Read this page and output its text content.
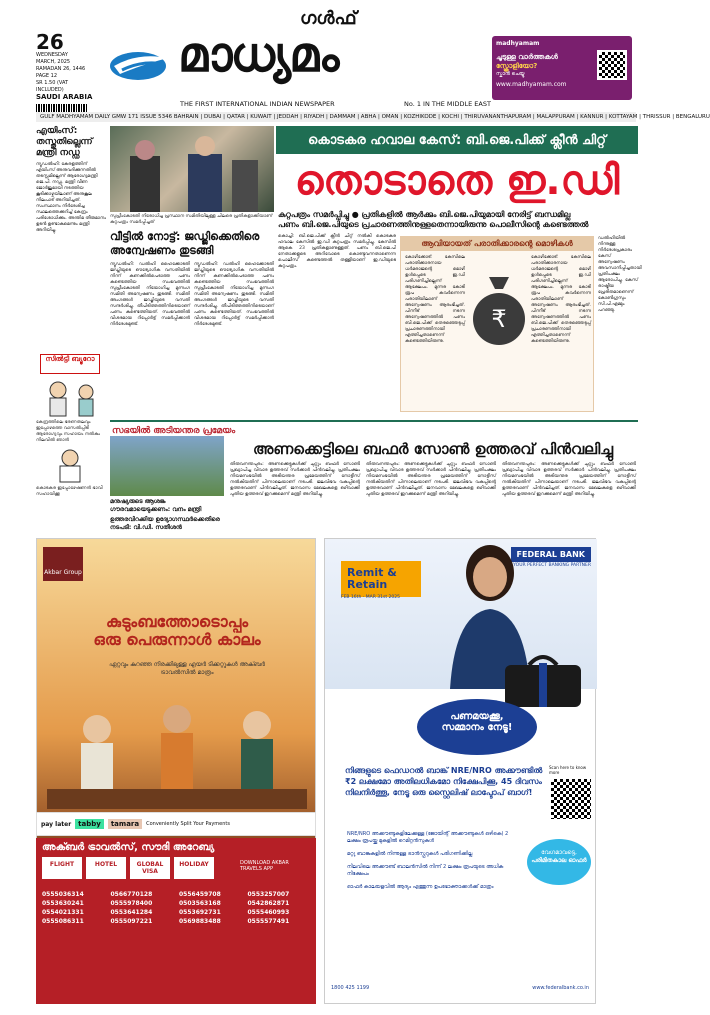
26
WEDNESDAY
MARCH, 2025
RAMADAN 26, 1446
PAGE 12
SR 1.50 (VAT INCLUDED)
SAUDI ARABIA
ഗൾഫ്
മാധ്യമം
THE FIRST INTERNATIONAL INDIAN NEWSPAPER	No. 1 IN THE MIDDLE EAST
madhyamam
ചൂടുള്ള വാർത്തകൾ
സ്ക്രോളിയോ?
സ്കാൻ ചെയ്യൂ
www.madhyamam.com
GULF MADHYAMAM DAILY GMW 171 ISSUE 5346 BAHRAIN | DUBAI | QATAR | KUWAIT | JEDDAH | RIYADH | DAMMAM | ABHA | OMAN | KOZHIKODE | KOCHI | THIRUVANANTHAPURAM | MALAPPURAM | KANNUR | KOTTAYAM | THRISSUR | BENGALURU
എയിംസ്:
തസ്തുതില്ലെന്ന്
മന്ത്രി നഡ്ഡ

ന്യൂഡൽഹി: കേരളത്തിന് എയിംസ് അനുവദിക്കുന്നതിൽ തടസ്സമില്ലെന്ന് ആരോഗ്യമന്ത്രി ജെ.പി. നഡ്ഡ. മന്ത്രി വീണ ജോർജുമായി നടത്തിയ കൂടിക്കാഴ്ചയിലാണ് അനുകൂല നിലപാട് അറിയിച്ചത്. സംസ്ഥാനം നിർദേശിച്ച സ്ഥലത്തെക്കുറിച്ച് കേന്ദ്രം പരിശോധിക്കും. അന്തിമ തീരുമാനം ഉടൻ ഉണ്ടാകുമെന്നും മന്ത്രി അറിയിച്ചു.

സിൽട്ടി ബ്യൂറോ
കേന്ദ്രത്തിലെ ഭരണതലവും ഇപ്പോഴത്തെ വാസൽപ്പിടി ആരോഗ്യവും സഹായം നൽകും നിലവിൽ ഞാൻ
കൊടകര ഇപ്പോഴേഷണൻ ഭാവി സഹായിക്കൂ
സുപ്രീംകോടതി നിരോധിച്ച പ്രസ്ഥാന സമിതിയിലുള്ള ചിലരെ പ്രതികളാക്കിയാണ് കുറ്റപത്രം സമർപ്പിച്ചത്
വീട്ടിൽ നോട്ട്: ജഡ്ജിക്കെതിരെ
അന്വേഷണം തുടങ്ങി
ന്യൂഡൽഹി: ഡൽഹി ഹൈക്കോടതി ജഡ്ജിയുടെ ഔദ്യോഗിക വസതിയിൽ നിന്ന് കണക്കിൽപെടാത്ത പണം കണ്ടെത്തിയ സംഭവത്തിൽ സുപ്രീംകോടതി നിയോഗിച്ച മൂന്നംഗ സമിതി അന്വേഷണം തുടങ്ങി. സമിതി അംഗങ്ങൾ ജഡ്ജിയുടെ വസതി സന്ദർശിച്ചു. തീപിടിത്തത്തിനിടെയാണ് പണം കണ്ടെത്തിയത്. സംഭവത്തിൽ വിശദമായ റിപ്പോർട്ട് സമർപ്പിക്കാൻ നിർദേശമുണ്ട്.
ന്യൂഡൽഹി: ഡൽഹി ഹൈക്കോടതി ജഡ്ജിയുടെ ഔദ്യോഗിക വസതിയിൽ നിന്ന് കണക്കിൽപെടാത്ത പണം കണ്ടെത്തിയ സംഭവത്തിൽ സുപ്രീംകോടതി നിയോഗിച്ച മൂന്നംഗ സമിതി അന്വേഷണം തുടങ്ങി. സമിതി അംഗങ്ങൾ ജഡ്ജിയുടെ വസതി സന്ദർശിച്ചു. തീപിടിത്തത്തിനിടെയാണ് പണം കണ്ടെത്തിയത്. സംഭവത്തിൽ വിശദമായ റിപ്പോർട്ട് സമർപ്പിക്കാൻ നിർദേശമുണ്ട്.
കൊടകര ഹവാല കേസ്: ബി.ജെ.പിക്ക് ക്ലീൻ ചിറ്റ്
തൊടാതെ ഇ.ഡി
കുറ്റപത്രം സമർപ്പിച്ചു ● പ്രതികളിൽ ആർക്കും ബി.ജെ.പിയുമായി നേരിട്ട് ബന്ധമില്ല
പണം ബി.ജെ.പിയുടെ പ്രചാരണത്തിനുള്ളതെന്നായിരുന്നു പൊലീസിന്റെ കണ്ടെത്തൽ
കൊച്ചി: ബി.ജെ.പിക്ക് ക്ലീൻ ചിറ്റ് നൽകി കൊടകര ഹവാല കേസിൽ ഇ.ഡി കുറ്റപത്രം സമർപ്പിച്ചു. കേസിൽ ആകെ 23 പ്രതികളാണുള്ളത്. പണം ബി.ജെ.പി നേതാക്കളുടെ അറിവോടെ കൊണ്ടുവന്നതാണെന്ന പൊലീസ് കണ്ടെത്തൽ തള്ളിയാണ് ഇ.ഡിയുടെ കുറ്റപത്രം.
ആവിയായത് പരാതിക്കാരന്റെ മൊഴികൾ
കോഴിക്കോട്: കേസിലെ പരാതിക്കാരനായ ധർമരാജന്റെ മൊഴി ഉൾപ്പെടെ ഇ.ഡി പരിഗണിച്ചില്ലെന്ന് ആക്ഷേപം. മൂന്നര കോടി രൂപ കവർന്നെന്ന പരാതിയിലാണ് അന്വേഷണം ആരംഭിച്ചത്. പിന്നീട് നടന്ന അന്വേഷണത്തിൽ പണം ബി.ജെ.പിക്ക് തെരഞ്ഞെടുപ്പ് പ്രചാരണത്തിനായി എത്തിച്ചതാണെന്ന് കണ്ടെത്തിയിരുന്നു.
₹
കോഴിക്കോട്: കേസിലെ പരാതിക്കാരനായ ധർമരാജന്റെ മൊഴി ഉൾപ്പെടെ ഇ.ഡി പരിഗണിച്ചില്ലെന്ന് ആക്ഷേപം. മൂന്നര കോടി രൂപ കവർന്നെന്ന പരാതിയിലാണ് അന്വേഷണം ആരംഭിച്ചത്. പിന്നീട് നടന്ന അന്വേഷണത്തിൽ പണം ബി.ജെ.പിക്ക് തെരഞ്ഞെടുപ്പ് പ്രചാരണത്തിനായി എത്തിച്ചതാണെന്ന് കണ്ടെത്തിയിരുന്നു.
ഡൽഹിയിൽ നിന്നുള്ള നിർദേശപ്രകാരം കേസ് അന്വേഷണം അവസാനിപ്പിച്ചതായി പ്രതിപക്ഷം ആരോപിച്ചു. കേസ് രാഷ്ട്രീയ പ്രേരിതമാണെന്ന് കോൺഗ്രസും സി.പി.എമ്മും പറഞ്ഞു.
സഭയിൽ അടിയന്തര പ്രമേയം
അണക്കെട്ടിലെ ബഫർ സോൺ ഉത്തരവ് പിൻവലിച്ചു
മനുഷ്യരുടെ ആശങ്ക ഗൗരവമായെടുക്കണം: വനം മന്ത്രി
ഉത്തരവിറക്കിയ ഉദ്യോഗസ്ഥർക്കെതിരെ നടപടി: വി.ഡി. സതീശൻ
തിരുവനന്തപുരം: അണക്കെട്ടുകൾക്ക് ചുറ്റും ബഫർ സോൺ പ്രഖ്യാപിച്ച വിവാദ ഉത്തരവ് സർക്കാർ പിൻവലിച്ചു. പ്രതിപക്ഷം നിയമസഭയിൽ അടിയന്തര പ്രമേയത്തിന് നോട്ടീസ് നൽകിയതിന് പിന്നാലെയാണ് നടപടി. ജലവിഭവ വകുപ്പിന്റെ ഉത്തരവാണ് പിൻവലിച്ചത്. ജനവാസ മേഖലകളെ ഒഴിവാക്കി പുതിയ ഉത്തരവ് ഇറക്കുമെന്ന് മന്ത്രി അറിയിച്ചു.
തിരുവനന്തപുരം: അണക്കെട്ടുകൾക്ക് ചുറ്റും ബഫർ സോൺ പ്രഖ്യാപിച്ച വിവാദ ഉത്തരവ് സർക്കാർ പിൻവലിച്ചു. പ്രതിപക്ഷം നിയമസഭയിൽ അടിയന്തര പ്രമേയത്തിന് നോട്ടീസ് നൽകിയതിന് പിന്നാലെയാണ് നടപടി. ജലവിഭവ വകുപ്പിന്റെ ഉത്തരവാണ് പിൻവലിച്ചത്. ജനവാസ മേഖലകളെ ഒഴിവാക്കി പുതിയ ഉത്തരവ് ഇറക്കുമെന്ന് മന്ത്രി അറിയിച്ചു.
തിരുവനന്തപുരം: അണക്കെട്ടുകൾക്ക് ചുറ്റും ബഫർ സോൺ പ്രഖ്യാപിച്ച വിവാദ ഉത്തരവ് സർക്കാർ പിൻവലിച്ചു. പ്രതിപക്ഷം നിയമസഭയിൽ അടിയന്തര പ്രമേയത്തിന് നോട്ടീസ് നൽകിയതിന് പിന്നാലെയാണ് നടപടി. ജലവിഭവ വകുപ്പിന്റെ ഉത്തരവാണ് പിൻവലിച്ചത്. ജനവാസ മേഖലകളെ ഒഴിവാക്കി പുതിയ ഉത്തരവ് ഇറക്കുമെന്ന് മന്ത്രി അറിയിച്ചു.
Akbar Group
കുടുംബത്തോടൊപ്പം
ഒരു പെരുന്നാൾ കാലം
ഏറ്റവും കുറഞ്ഞ നിരക്കിലുള്ള എയർ ടിക്കറ്റുകൾ അക്ബർ ട്രാവൽസിൽ മാത്രം
pay later	tabby	tamara	Conveniently Split Your Payments
അക്ബർ ട്രാവൽസ്, സൗദി അറേബ്യ
FLIGHT	HOTEL	GLOBAL VISA
HOLIDAY	DOWNLOAD AKBAR TRAVELS APP
0555036314	0566770128	0556459708	0553257007
0553630241	0555978400	0503563168	0542862871
0554021331	0553641284	0553692731	0555460993
0555086311	0555097221	0569883488	0555577491
FEDERAL BANK
YOUR PERFECT BANKING PARTNER
Remit & Retain
FEB 16th - MAR 31st 2025
പണമയക്കൂ,
സമ്മാനം നേടൂ!
നിങ്ങളുടെ ഫെഡറൽ ബാങ്ക് NRE/NRO അക്കൗണ്ടിൽ ₹2 ലക്ഷമോ അതിലധികമോ നിക്ഷേപിക്കൂ, 45 ദിവസം നിലനിർത്തൂ, നേടൂ ഒരു സ്റ്റൈലിഷ് ലാപ്ടോപ് ബാഗ്!
Scan here to know more
NRE/NRO അക്കൗണ്ടുകളിലേക്കുള്ള (ജോയിന്റ് അക്കൗണ്ടുകൾ ഒഴികെ) 2 ലക്ഷം രൂപയ്ക്കു മുകളിൽ റെമിറ്റൻസുകൾ
മറ്റു ബാങ്കുകളിൽ നിന്നുള്ള ട്രാൻസ്ഫറുകൾ പരിഗണിക്കില്ല
നിലവിലെ അക്കൗണ്ട് ബാലൻസിൽ നിന്ന് 2 ലക്ഷം രൂപയുടെ അധിക നിക്ഷേപം
ഓഫർ കാലയളവിൽ ആദ്യം എത്തുന്ന ഉപഭോക്താക്കൾക്ക് മാത്രം
വേഗമാവട്ടെ,
പരിമിതകാല ഓഫർ
1800 425 1199	www.federalbank.co.in
